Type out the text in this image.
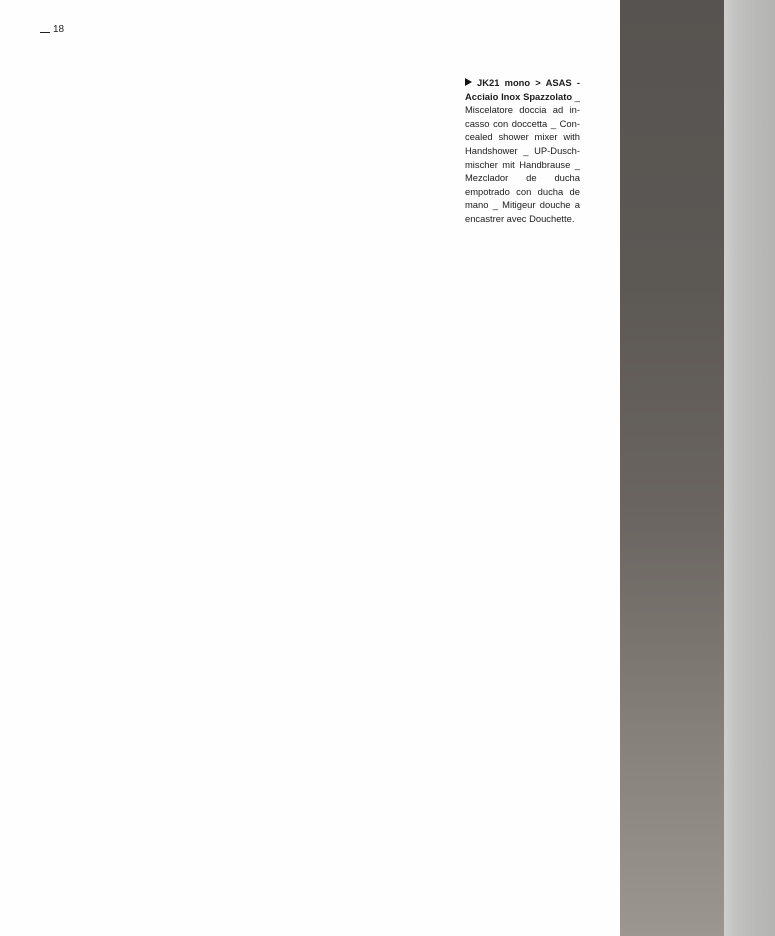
18
JK21 mono > ASAS - Acciaio Inox Spazzolato _ Miscelatore doccia ad incasso con doccetta _ Concealed shower mixer with Handshower _ UP-Duschmischer mit Handbrause _ Mezclador de ducha empotrado con ducha de mano _ Mitigeur douche a encastrer avec Douchette.
